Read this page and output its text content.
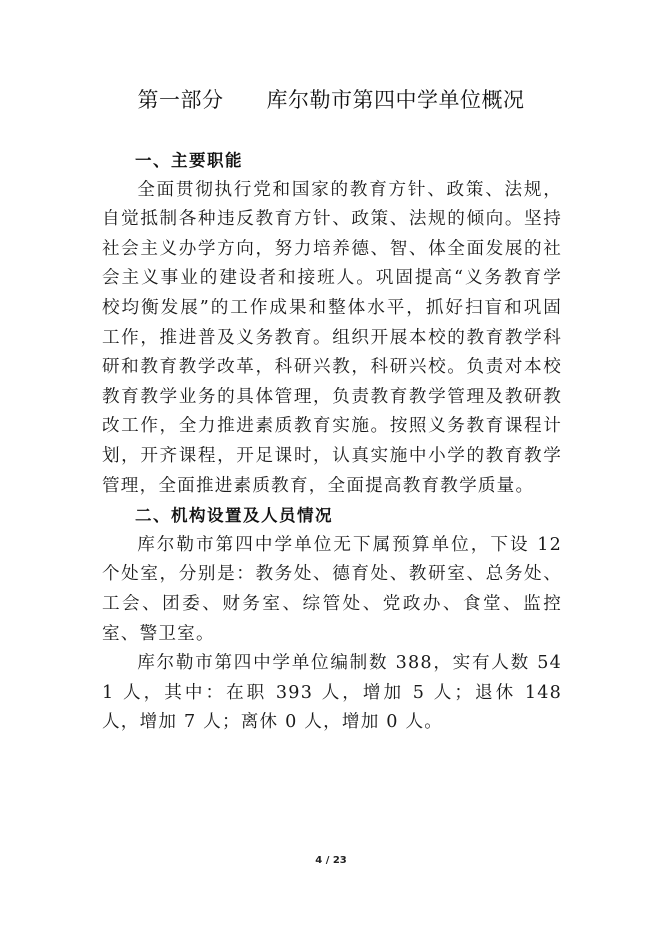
第一部分      库尔勒市第四中学单位概况

一、主要职能

全面贯彻执行党和国家的教育方针、政策、法规，自觉抵制各种违反教育方针、政策、法规的倾向。坚持社会主义办学方向，努力培养德、智、体全面发展的社会主义事业的建设者和接班人。巩固提高“义务教育学校均衡发展”的工作成果和整体水平，抓好扫盲和巩固工作，推进普及义务教育。组织开展本校的教育教学科研和教育教学改革，科研兴教，科研兴校。负责对本校教育教学业务的具体管理，负责教育教学管理及教研教改工作，全力推进素质教育实施。按照义务教育课程计划，开齐课程，开足课时，认真实施中小学的教育教学管理，全面推进素质教育，全面提高教育教学质量。

二、机构设置及人员情况

库尔勒市第四中学单位无下属预算单位，下设 12 个处室，分别是：教务处、德育处、教研室、总务处、工会、团委、财务室、综管处、党政办、食堂、监控室、警卫室。

库尔勒市第四中学单位编制数 388，实有人数 541 人，其中：在职 393 人，增加 5 人；退休 148 人，增加 7 人；离休 0 人，增加 0 人。

4 / 23
